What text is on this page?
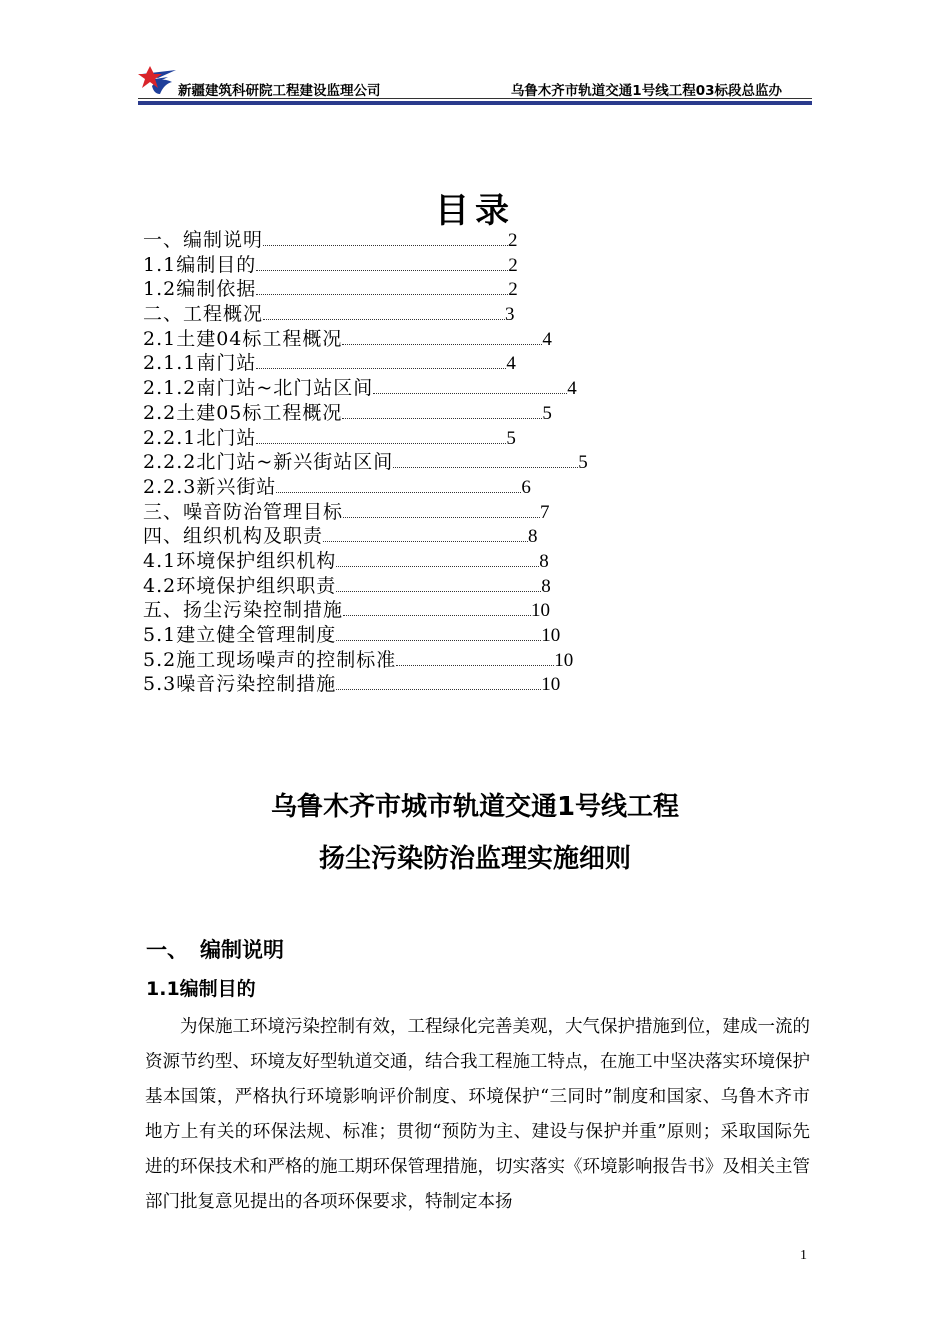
新疆建筑科研院工程建设监理公司	乌鲁木齐市轨道交通1号线工程03标段总监办
目录
一、编制说明	2
1.1编制目的	2
1.2编制依据	2
二、工程概况	3
2.1土建04标工程概况	4
2.1.1南门站	4
2.1.2南门站~北门站区间	4
2.2土建05标工程概况	5
2.2.1北门站	5
2.2.2北门站~新兴街站区间	5
2.2.3新兴街站	6
三、噪音防治管理目标	7
四、组织机构及职责	8
4.1环境保护组织机构	8
4.2环境保护组织职责	8
五、扬尘污染控制措施	10
5.1建立健全管理制度	10
5.2施工现场噪声的控制标准	10
5.3噪音污染控制措施	10
乌鲁木齐市城市轨道交通1号线工程
扬尘污染防治监理实施细则
一、 编制说明
1.1编制目的
为保施工环境污染控制有效，工程绿化完善美观，大气保护措施到位，建成一流的资源节约型、环境友好型轨道交通，结合我工程施工特点，在施工中坚决落实环境保护基本国策，严格执行环境影响评价制度、环境保护“三同时”制度和国家、乌鲁木齐市地方上有关的环保法规、标准；贯彻“预防为主、建设与保护并重”原则；采取国际先进的环保技术和严格的施工期环保管理措施，切实落实《环境影响报告书》及相关主管部门批复意见提出的各项环保要求，特制定本扬
1
